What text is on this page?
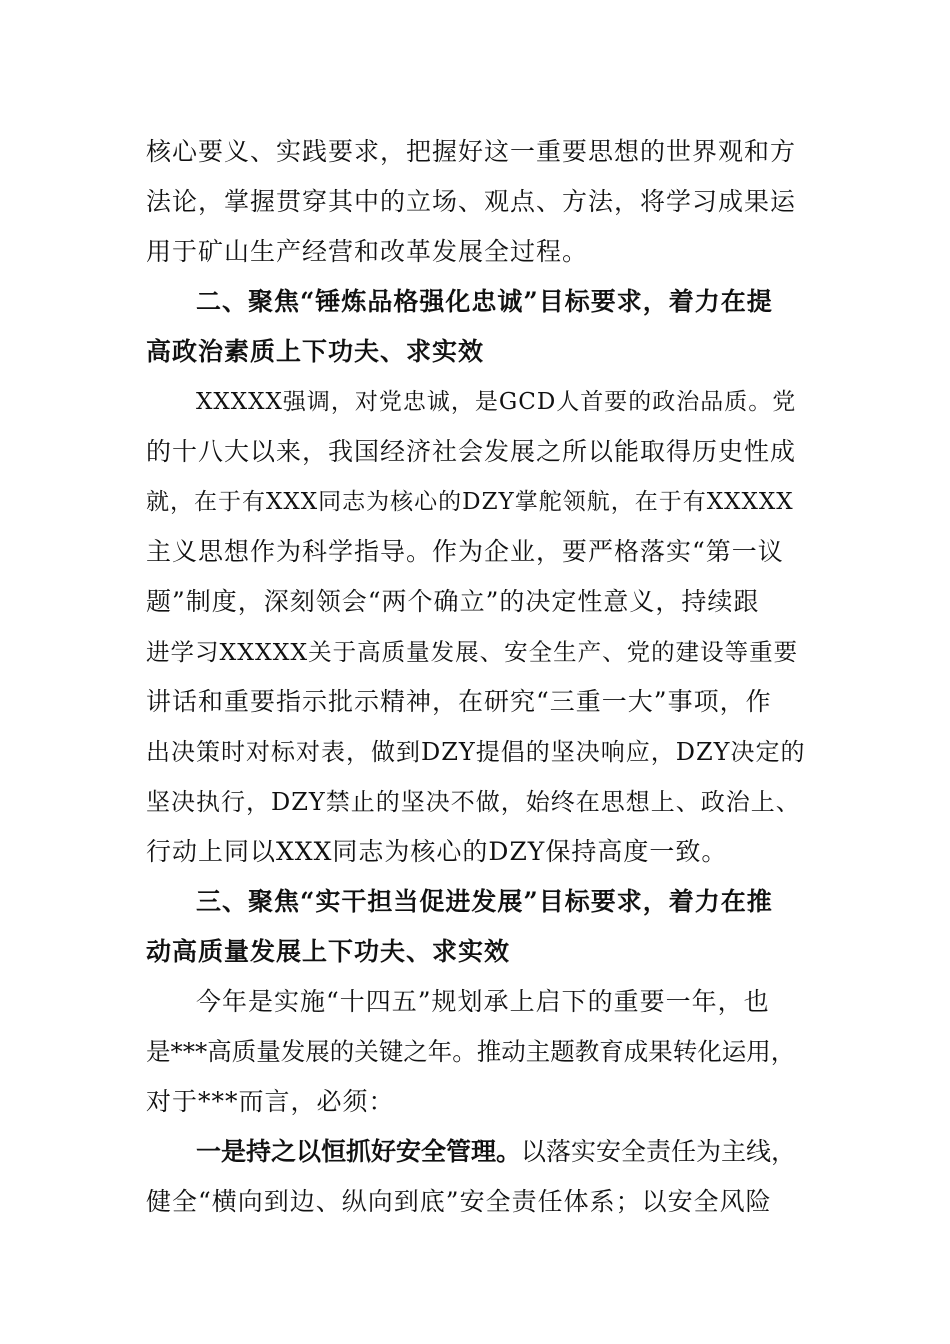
核心要义、实践要求，把握好这一重要思想的世界观和方
法论，掌握贯穿其中的立场、观点、方法，将学习成果运
用于矿山生产经营和改革发展全过程。
二、聚焦“锤炼品格强化忠诚”目标要求，着力在提
高政治素质上下功夫、求实效
XXXXX强调，对党忠诚，是GCD人首要的政治品质。党
的十八大以来，我国经济社会发展之所以能取得历史性成
就，在于有XXX同志为核心的DZY掌舵领航，在于有XXXXX
主义思想作为科学指导。作为企业，要严格落实“第一议
题”制度，深刻领会“两个确立”的决定性意义，持续跟
进学习XXXXX关于高质量发展、安全生产、党的建设等重要
讲话和重要指示批示精神，在研究“三重一大”事项，作
出决策时对标对表，做到DZY提倡的坚决响应，DZY决定的
坚决执行，DZY禁止的坚决不做，始终在思想上、政治上、
行动上同以XXX同志为核心的DZY保持高度一致。
三、聚焦“实干担当促进发展”目标要求，着力在推
动高质量发展上下功夫、求实效
今年是实施“十四五”规划承上启下的重要一年，也
是***高质量发展的关键之年。推动主题教育成果转化运用，
对于***而言，必须：
一是持之以恒抓好安全管理。以落实安全责任为主线，
健全“横向到边、纵向到底”安全责任体系；以安全风险
